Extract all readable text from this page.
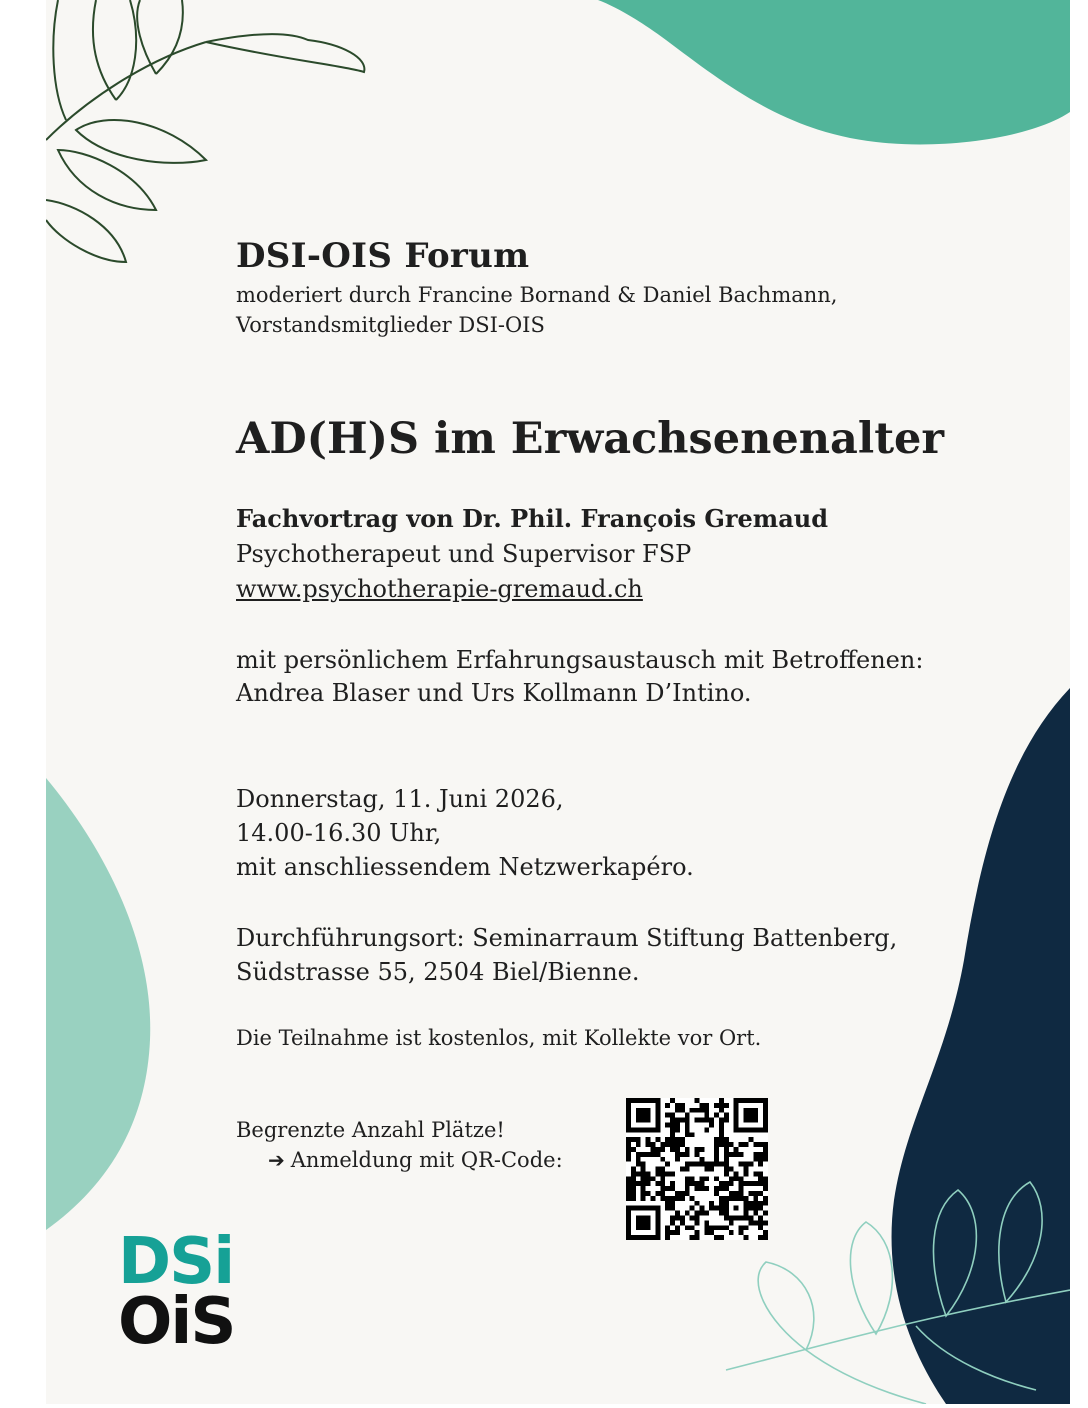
DSI-OIS Forum

moderiert durch Francine Bornand & Daniel Bachmann,

Vorstandsmitglieder DSI-OIS

AD(H)S im Erwachsenenalter

Fachvortrag von Dr. Phil. François Gremaud

Psychotherapeut und Supervisor FSP

www.psychotherapie-gremaud.ch

mit persönlichem Erfahrungsaustausch mit Betroffenen:

Andrea Blaser und Urs Kollmann D’Intino.

Donnerstag, 11. Juni 2026,

14.00-16.30 Uhr,

mit anschliessendem Netzwerkapéro.

Durchführungsort: Seminarraum Stiftung Battenberg,

Südstrasse 55, 2504 Biel/Bienne.

Die Teilnahme ist kostenlos, mit Kollekte vor Ort.

Begrenzte Anzahl Plätze!

➔ Anmeldung mit QR-Code:

DSi
OiS
